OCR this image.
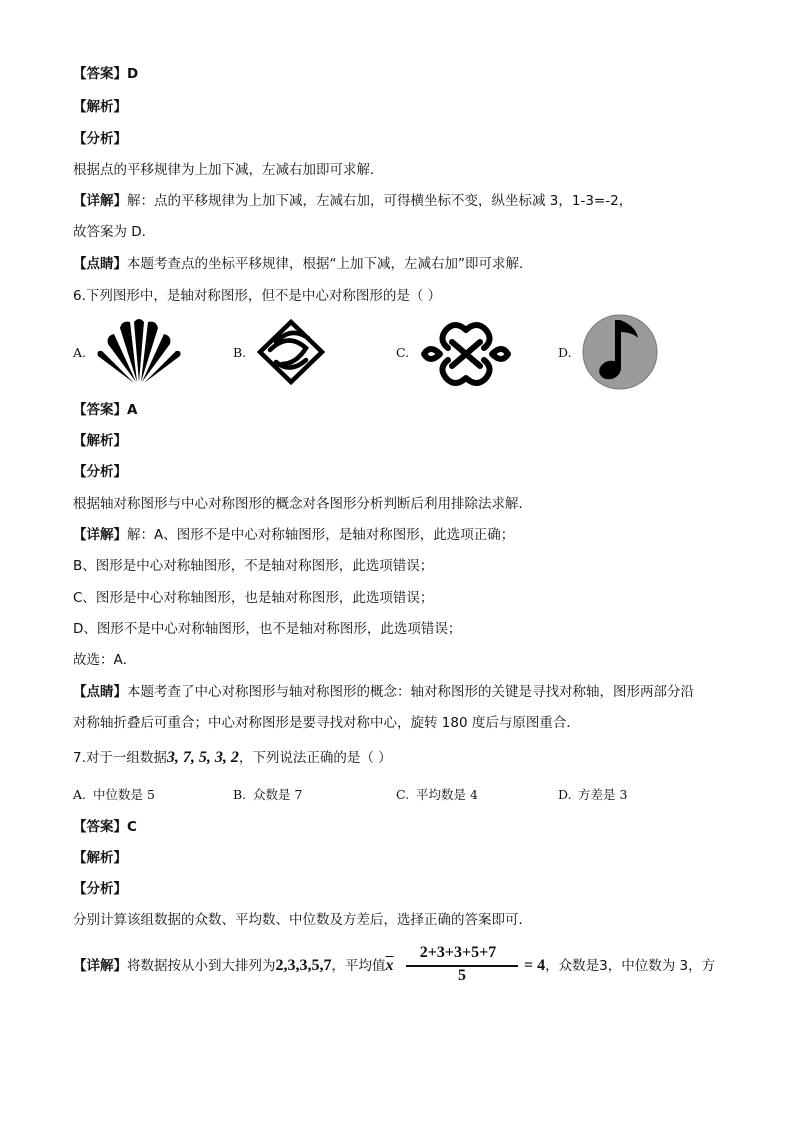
【答案】D
【解析】
【分析】
根据点的平移规律为上加下减，左减右加即可求解．
【详解】解：点的平移规律为上加下减，左减右加，可得横坐标不变，纵坐标减 3，1-3=-2，
故答案为 D．
【点睛】本题考查点的坐标平移规律，根据“上加下减，左减右加”即可求解．
6.下列图形中，是轴对称图形，但不是中心对称图形的是（ ）
A.	B.	C.	D.
【答案】A
【解析】
【分析】
根据轴对称图形与中心对称图形的概念对各图形分析判断后利用排除法求解．
【详解】解：A、图形不是中心对称轴图形，是轴对称图形，此选项正确；
B、图形是中心对称轴图形，不是轴对称图形，此选项错误；
C、图形是中心对称轴图形，也是轴对称图形，此选项错误；
D、图形不是中心对称轴图形，也不是轴对称图形，此选项错误；
故选：A．
【点睛】本题考查了中心对称图形与轴对称图形的概念：轴对称图形的关键是寻找对称轴，图形两部分沿
对称轴折叠后可重合；中心对称图形是要寻找对称中心，旋转 180 度后与原图重合．
7.对于一组数据3, 7, 5, 3, 2，下列说法正确的是（ ）
A. 中位数是 5	B. 众数是 7	C. 平均数是 4	D. 方差是 3
【答案】C
【解析】
【分析】
分别计算该组数据的众数、平均数、中位数及方差后，选择正确的答案即可．
【详解】将数据按从小到大排列为2,3,3,5,7，平均值$\overline{x}$
2+3+3+5+7
5
= 4，众数是3，中位数为 3，方
